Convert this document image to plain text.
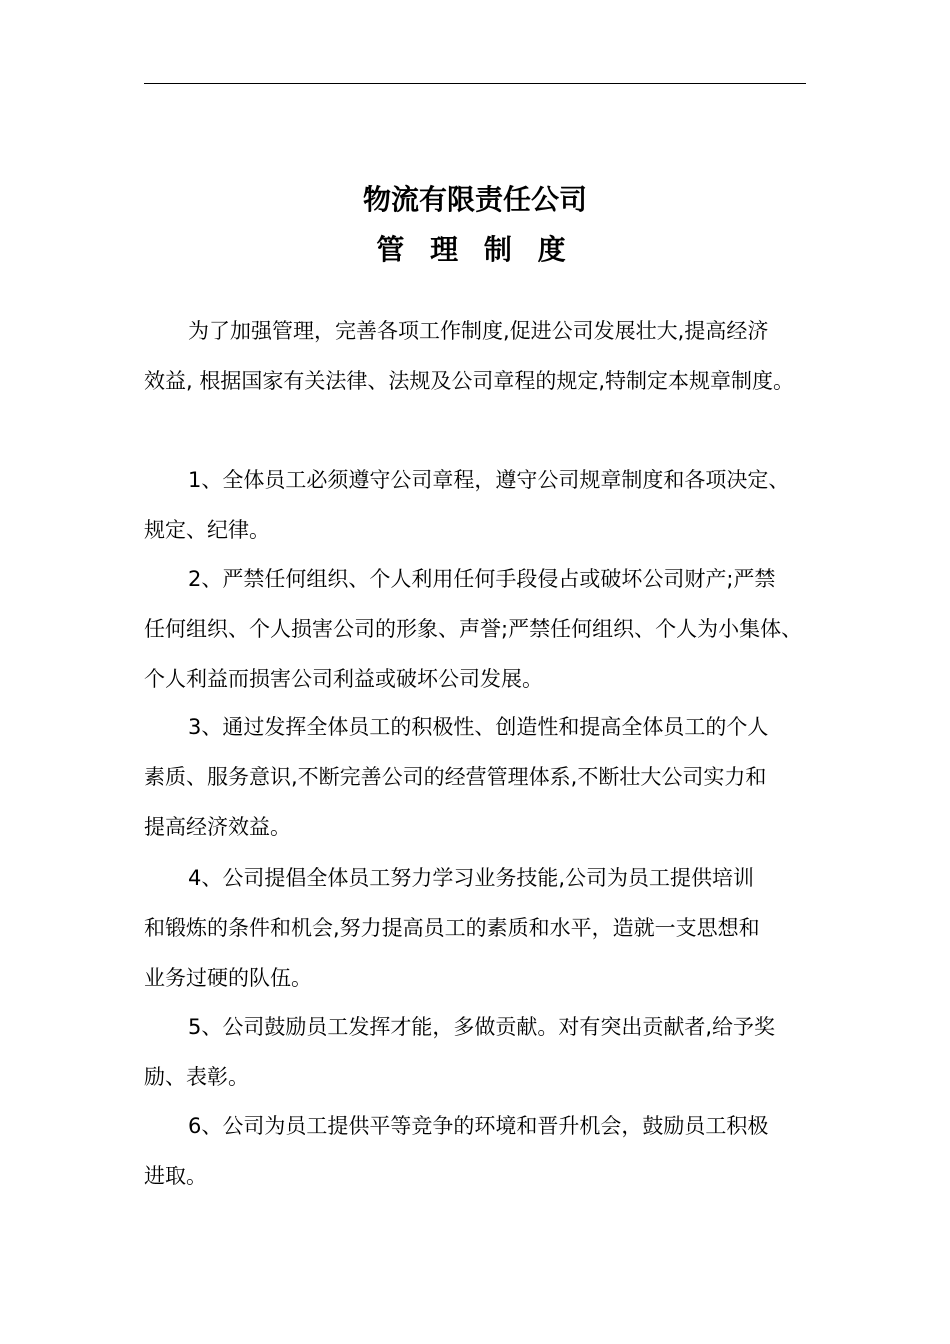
物流有限责任公司
管 理 制 度

为了加强管理，完善各项工作制度,促进公司发展壮大,提高经济
效益, 根据国家有关法律、法规及公司章程的规定,特制定本规章制度。

1、全体员工必须遵守公司章程，遵守公司规章制度和各项决定、
规定、纪律。

2、严禁任何组织、个人利用任何手段侵占或破坏公司财产;严禁
任何组织、个人损害公司的形象、声誉;严禁任何组织、个人为小集体、
个人利益而损害公司利益或破坏公司发展。

3、通过发挥全体员工的积极性、创造性和提高全体员工的个人
素质、服务意识,不断完善公司的经营管理体系,不断壮大公司实力和
提高经济效益。

4、公司提倡全体员工努力学习业务技能,公司为员工提供培训
和锻炼的条件和机会,努力提高员工的素质和水平，造就一支思想和
业务过硬的队伍。

5、公司鼓励员工发挥才能，多做贡献。对有突出贡献者,给予奖
励、表彰。

6、公司为员工提供平等竞争的环境和晋升机会，鼓励员工积极
进取。
